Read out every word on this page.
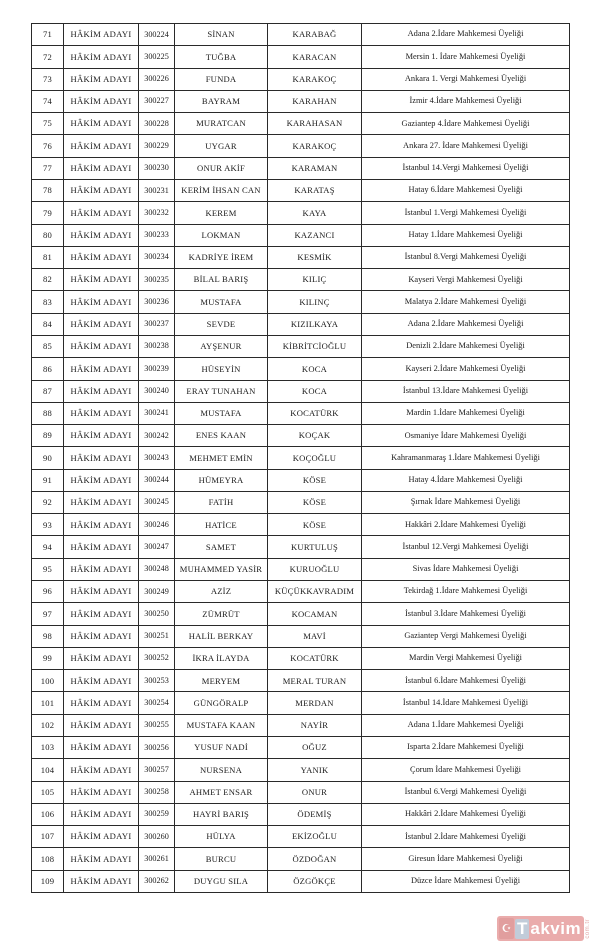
71	HÂKİM ADAYI	300224	SİNAN	KARABAĞ	Adana 2.İdare Mahkemesi Üyeliği
72	HÂKİM ADAYI	300225	TUĞBA	KARACAN	Mersin 1. İdare Mahkemesi Üyeliği
73	HÂKİM ADAYI	300226	FUNDA	KARAKOÇ	Ankara 1. Vergi Mahkemesi Üyeliği
74	HÂKİM ADAYI	300227	BAYRAM	KARAHAN	İzmir 4.İdare Mahkemesi Üyeliği
75	HÂKİM ADAYI	300228	MURATCAN	KARAHASAN	Gaziantep 4.İdare Mahkemesi Üyeliği
76	HÂKİM ADAYI	300229	UYGAR	KARAKOÇ	Ankara 27. İdare Mahkemesi Üyeliği
77	HÂKİM ADAYI	300230	ONUR AKİF	KARAMAN	İstanbul 14.Vergi Mahkemesi Üyeliği
78	HÂKİM ADAYI	300231	KERİM İHSAN CAN	KARATAŞ	Hatay 6.İdare Mahkemesi Üyeliği
79	HÂKİM ADAYI	300232	KEREM	KAYA	İstanbul 1.Vergi Mahkemesi Üyeliği
80	HÂKİM ADAYI	300233	LOKMAN	KAZANCI	Hatay 1.İdare Mahkemesi Üyeliği
81	HÂKİM ADAYI	300234	KADRİYE İREM	KESMİK	İstanbul 8.Vergi Mahkemesi Üyeliği
82	HÂKİM ADAYI	300235	BİLAL BARIŞ	KILIÇ	Kayseri Vergi Mahkemesi Üyeliği
83	HÂKİM ADAYI	300236	MUSTAFA	KILINÇ	Malatya 2.İdare Mahkemesi Üyeliği
84	HÂKİM ADAYI	300237	SEVDE	KIZILKAYA	Adana 2.İdare Mahkemesi Üyeliği
85	HÂKİM ADAYI	300238	AYŞENUR	KİBRİTCİOĞLU	Denizli 2.İdare Mahkemesi Üyeliği
86	HÂKİM ADAYI	300239	HÜSEYİN	KOCA	Kayseri 2.İdare Mahkemesi Üyeliği
87	HÂKİM ADAYI	300240	ERAY TUNAHAN	KOCA	İstanbul 13.İdare Mahkemesi Üyeliği
88	HÂKİM ADAYI	300241	MUSTAFA	KOCATÜRK	Mardin 1.İdare Mahkemesi Üyeliği
89	HÂKİM ADAYI	300242	ENES KAAN	KOÇAK	Osmaniye İdare Mahkemesi Üyeliği
90	HÂKİM ADAYI	300243	MEHMET EMİN	KOÇOĞLU	Kahramanmaraş 1.İdare Mahkemesi Üyeliği
91	HÂKİM ADAYI	300244	HÜMEYRA	KÖSE	Hatay 4.İdare Mahkemesi Üyeliği
92	HÂKİM ADAYI	300245	FATİH	KÖSE	Şırnak İdare Mahkemesi Üyeliği
93	HÂKİM ADAYI	300246	HATİCE	KÖSE	Hakkâri 2.İdare Mahkemesi Üyeliği
94	HÂKİM ADAYI	300247	SAMET	KURTULUŞ	İstanbul 12.Vergi Mahkemesi Üyeliği
95	HÂKİM ADAYI	300248	MUHAMMED YASİR	KURUOĞLU	Sivas İdare Mahkemesi Üyeliği
96	HÂKİM ADAYI	300249	AZİZ	KÜÇÜKKAVRADIM	Tekirdağ 1.İdare Mahkemesi Üyeliği
97	HÂKİM ADAYI	300250	ZÜMRÜT	KOCAMAN	İstanbul 3.İdare Mahkemesi Üyeliği
98	HÂKİM ADAYI	300251	HALİL BERKAY	MAVİ	Gaziantep Vergi Mahkemesi Üyeliği
99	HÂKİM ADAYI	300252	İKRA İLAYDA	KOCATÜRK	Mardin Vergi Mahkemesi Üyeliği
100	HÂKİM ADAYI	300253	MERYEM	MERAL TURAN	İstanbul 6.İdare Mahkemesi Üyeliği
101	HÂKİM ADAYI	300254	GÜNGÖRALP	MERDAN	İstanbul 14.İdare Mahkemesi Üyeliği
102	HÂKİM ADAYI	300255	MUSTAFA KAAN	NAYİR	Adana 1.İdare Mahkemesi Üyeliği
103	HÂKİM ADAYI	300256	YUSUF NADİ	OĞUZ	Isparta 2.İdare Mahkemesi Üyeliği
104	HÂKİM ADAYI	300257	NURSENA	YANIK	Çorum İdare Mahkemesi Üyeliği
105	HÂKİM ADAYI	300258	AHMET ENSAR	ONUR	İstanbul 6.Vergi Mahkemesi Üyeliği
106	HÂKİM ADAYI	300259	HAYRİ BARIŞ	ÖDEMİŞ	Hakkâri 2.İdare Mahkemesi Üyeliği
107	HÂKİM ADAYI	300260	HÜLYA	EKİZOĞLU	İstanbul 2.İdare Mahkemesi Üyeliği
108	HÂKİM ADAYI	300261	BURCU	ÖZDOĞAN	Giresun İdare Mahkemesi Üyeliği
109	HÂKİM ADAYI	300262	DUYGU SILA	ÖZGÖKÇE	Düzce İdare Mahkemesi Üyeliği
☪ T akvim com.tr
